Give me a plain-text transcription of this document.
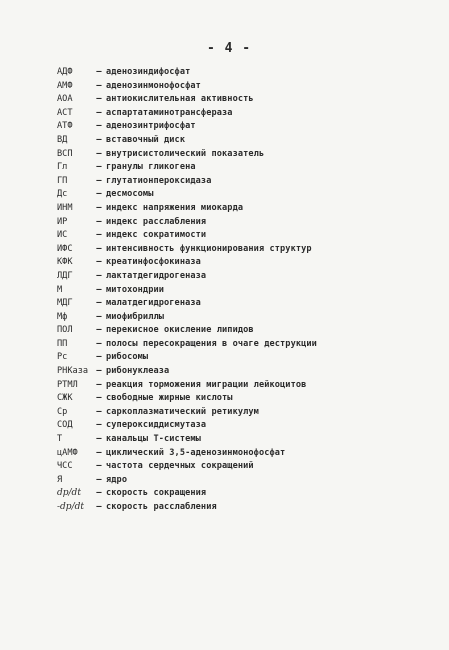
- 4 -
АДФ	– аденозиндифосфат
АМФ	– аденозинмонофосфат
АОА	– антиокислительная активность
АСТ	– аспартатаминотрансфераза
АТФ	– аденозинтрифосфат
ВД	– вставочный диск
ВСП	– внутрисистолический показатель
Гл	– гранулы гликогена
ГП	– глутатионпероксидаза
Дс	– десмосомы
ИНМ	– индекс напряжения миокарда
ИР	– индекс расслабления
ИС	– индекс сократимости
ИФС	– интенсивность функционирования структур
КФК	– креатинфосфокиназа
ЛДГ	– лактатдегидрогеназа
М	– митохондрии
МДГ	– малатдегидрогеназа
Мф	– миофибриллы
ПОЛ	– перекисное окисление липидов
ПП	– полосы пересокращения в очаге деструкции
Рс	– рибосомы
РНКаза – рибонуклеаза
РТМЛ	– реакция торможения миграции лейкоцитов
СЖК	– свободные жирные кислоты
Ср	– саркоплазматический ретикулум
СОД	– супероксиддисмутаза
Т	– канальцы Т-системы
цАМФ	– циклический 3,5-аденозинмонофосфат
ЧСС	– частота сердечных сокращений
Я	– ядро
dp/dt	– скорость сокращения
-dp/dt	– скорость расслабления
